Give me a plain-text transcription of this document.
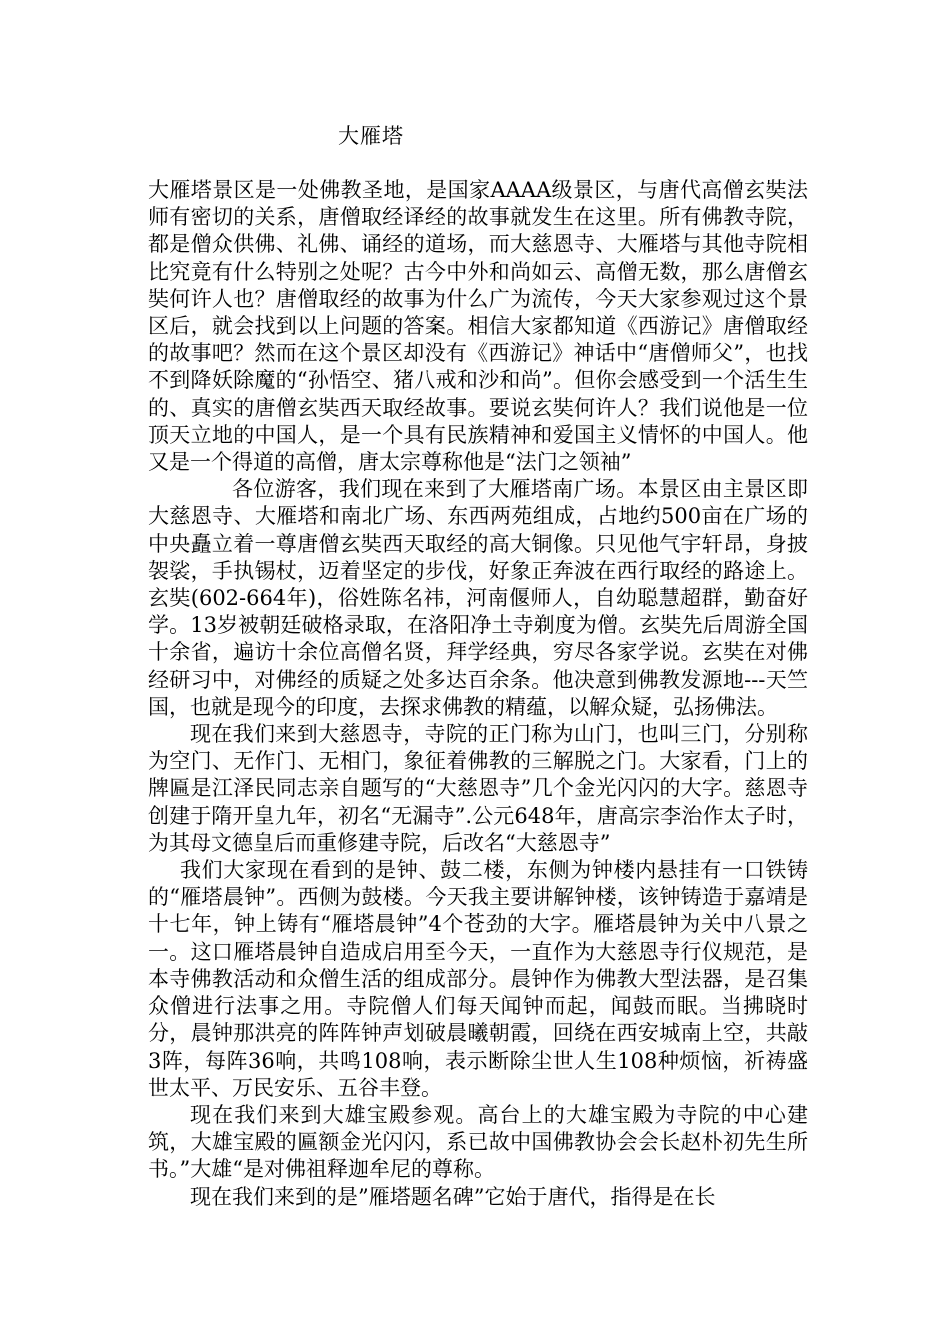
大雁塔

大雁塔景区是一处佛教圣地，是国家AAAA级景区，与唐代高僧玄奘法师有密切的关系，唐僧取经译经的故事就发生在这里。所有佛教寺院，都是僧众供佛、礼佛、诵经的道场，而大慈恩寺、大雁塔与其他寺院相比究竟有什么特别之处呢？古今中外和尚如云、高僧无数，那么唐僧玄奘何许人也？唐僧取经的故事为什么广为流传，今天大家参观过这个景区后，就会找到以上问题的答案。相信大家都知道《西游记》唐僧取经的故事吧？然而在这个景区却没有《西游记》神话中“唐僧师父”，也找不到降妖除魔的“孙悟空、猪八戒和沙和尚”。但你会感受到一个活生生的、真实的唐僧玄奘西天取经故事。要说玄奘何许人？我们说他是一位顶天立地的中国人，是一个具有民族精神和爱国主义情怀的中国人。他又是一个得道的高僧，唐太宗尊称他是“法门之领袖”

各位游客，我们现在来到了大雁塔南广场。本景区由主景区即大慈恩寺、大雁塔和南北广场、东西两苑组成，占地约500亩在广场的中央矗立着一尊唐僧玄奘西天取经的高大铜像。只见他气宇轩昂，身披袈裟，手执锡杖，迈着坚定的步伐，好象正奔波在西行取经的路途上。玄奘(602-664年)，俗姓陈名祎，河南偃师人，自幼聪慧超群，勤奋好学。13岁被朝廷破格录取，在洛阳净土寺剃度为僧。玄奘先后周游全国十余省，遍访十余位高僧名贤，拜学经典，穷尽各家学说。玄奘在对佛经研习中，对佛经的质疑之处多达百余条。他决意到佛教发源地---天竺国，也就是现今的印度，去探求佛教的精蕴，以解众疑，弘扬佛法。

现在我们来到大慈恩寺，寺院的正门称为山门，也叫三门，分别称为空门、无作门、无相门，象征着佛教的三解脱之门。大家看，门上的牌匾是江泽民同志亲自题写的“大慈恩寺”几个金光闪闪的大字。慈恩寺创建于隋开皇九年，初名“无漏寺”.公元648年，唐高宗李治作太子时，为其母文德皇后而重修建寺院，后改名“大慈恩寺”

我们大家现在看到的是钟、鼓二楼，东侧为钟楼内悬挂有一口铁铸的“雁塔晨钟”。西侧为鼓楼。今天我主要讲解钟楼，该钟铸造于嘉靖是十七年，钟上铸有“雁塔晨钟”4个苍劲的大字。雁塔晨钟为关中八景之一。这口雁塔晨钟自造成启用至今天，一直作为大慈恩寺行仪规范，是本寺佛教活动和众僧生活的组成部分。晨钟作为佛教大型法器，是召集众僧进行法事之用。寺院僧人们每天闻钟而起，闻鼓而眠。当拂晓时分，晨钟那洪亮的阵阵钟声划破晨曦朝霞，回绕在西安城南上空，共敲3阵，每阵36响，共鸣108响，表示断除尘世人生108种烦恼，祈祷盛世太平、万民安乐、五谷丰登。

现在我们来到大雄宝殿参观。高台上的大雄宝殿为寺院的中心建筑，大雄宝殿的匾额金光闪闪，系已故中国佛教协会会长赵朴初先生所书。”大雄“是对佛祖释迦牟尼的尊称。

现在我们来到的是”雁塔题名碑”它始于唐代，指得是在长
